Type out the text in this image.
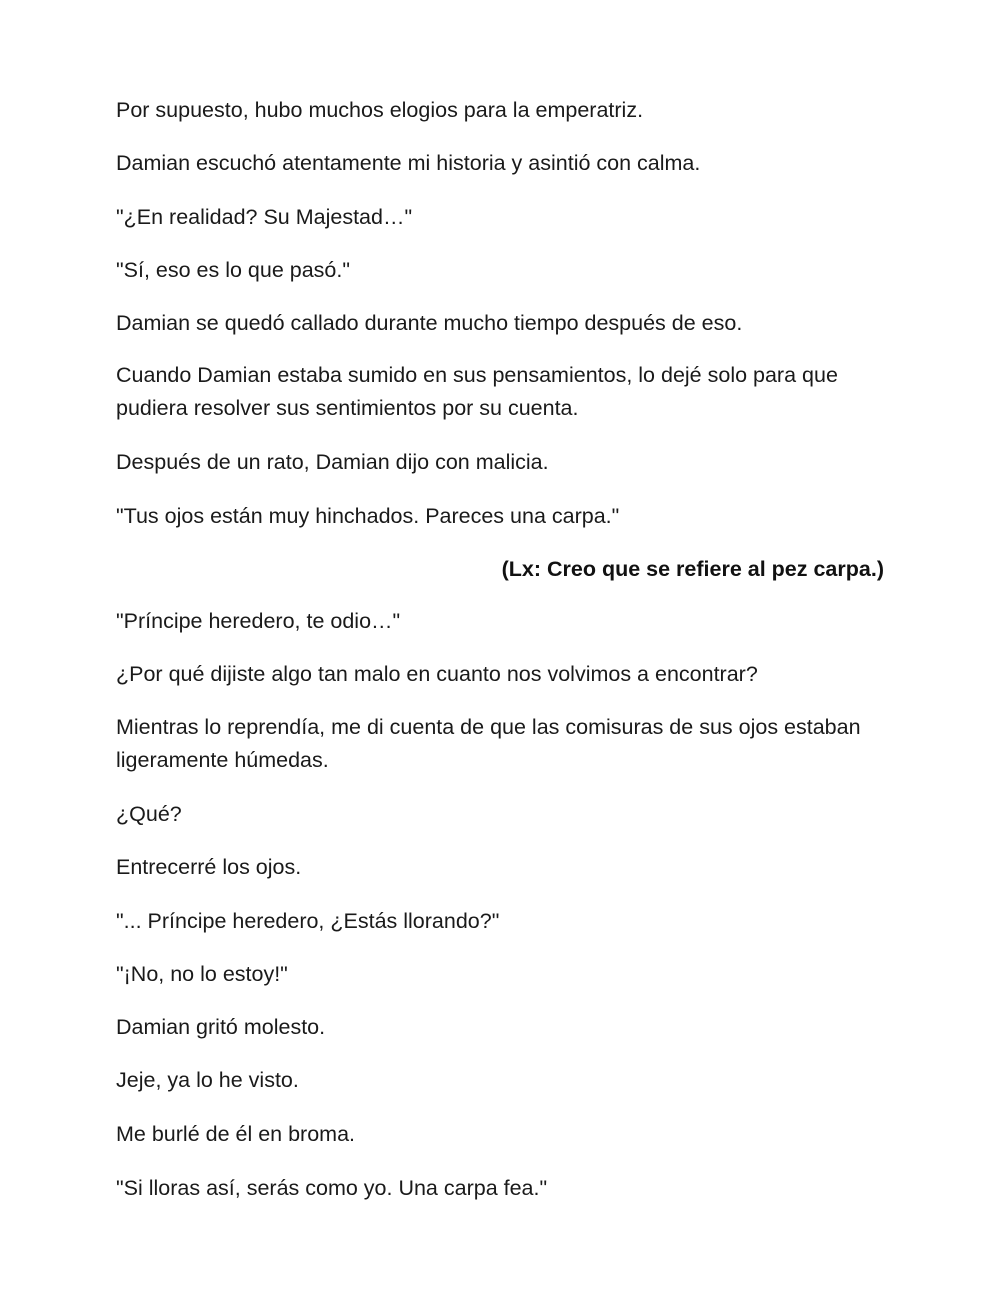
Por supuesto, hubo muchos elogios para la emperatriz.

Damian escuchó atentamente mi historia y asintió con calma.

"¿En realidad? Su Majestad…"

"Sí, eso es lo que pasó."

Damian se quedó callado durante mucho tiempo después de eso.

Cuando Damian estaba sumido en sus pensamientos, lo dejé solo para que pudiera resolver sus sentimientos por su cuenta.

Después de un rato, Damian dijo con malicia.

"Tus ojos están muy hinchados. Pareces una carpa."

(Lx: Creo que se refiere al pez carpa.)

"Príncipe heredero, te odio…"

¿Por qué dijiste algo tan malo en cuanto nos volvimos a encontrar?

Mientras lo reprendía, me di cuenta de que las comisuras de sus ojos estaban ligeramente húmedas.

¿Qué?

Entrecerré los ojos.

"... Príncipe heredero, ¿Estás llorando?"

"¡No, no lo estoy!"

Damian gritó molesto.

Jeje, ya lo he visto.

Me burlé de él en broma.

"Si lloras así, serás como yo. Una carpa fea."
